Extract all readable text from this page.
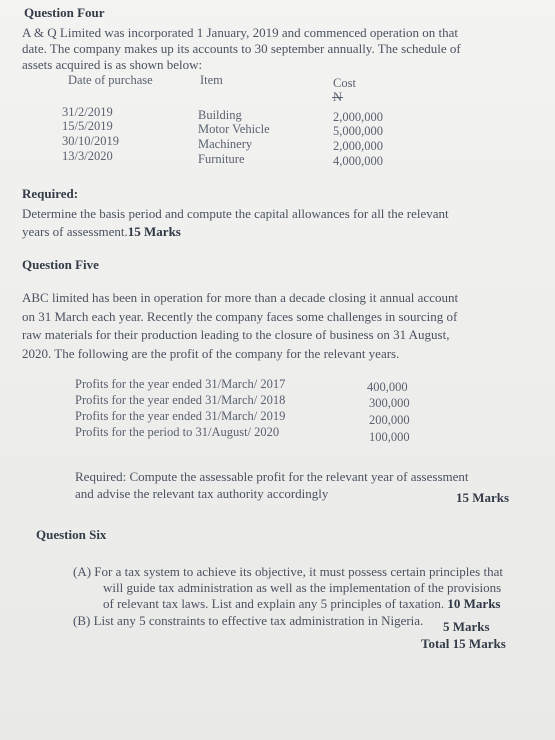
Question Four
A & Q Limited was incorporated 1 January, 2019 and commenced operation on that
date. The company makes up its accounts to 30 september annually. The schedule of
assets acquired is as shown below:
Date of purchase	Item	Cost
N
31/2/2019	Building	2,000,000
15/5/2019	Motor Vehicle	5,000,000
30/10/2019	Machinery	2,000,000
13/3/2020	Furniture	4,000,000
Required:
Determine the basis period and compute the capital allowances for all the relevant
years of assessment.15 Marks
Question Five
ABC limited has been in operation for more than a decade closing it annual account
on 31 March each year. Recently the company faces some challenges in sourcing of
raw materials for their production leading to the closure of business on 31 August,
2020. The following are the profit of the company for the relevant years.
Profits for the year ended 31/March/ 2017	400,000
Profits for the year ended 31/March/ 2018	300,000
Profits for the year ended 31/March/ 2019	200,000
Profits for the period to 31/August/ 2020	100,000
Required: Compute the assessable profit for the relevant year of assessment
and advise the relevant tax authority accordingly	15 Marks
Question Six
(A) For a tax system to achieve its objective, it must possess certain principles that
will guide tax administration as well as the implementation of the provisions
of relevant tax laws. List and explain any 5 principles of taxation. 10 Marks
(B) List any 5 constraints to effective tax administration in Nigeria. 5 Marks
Total 15 Marks
